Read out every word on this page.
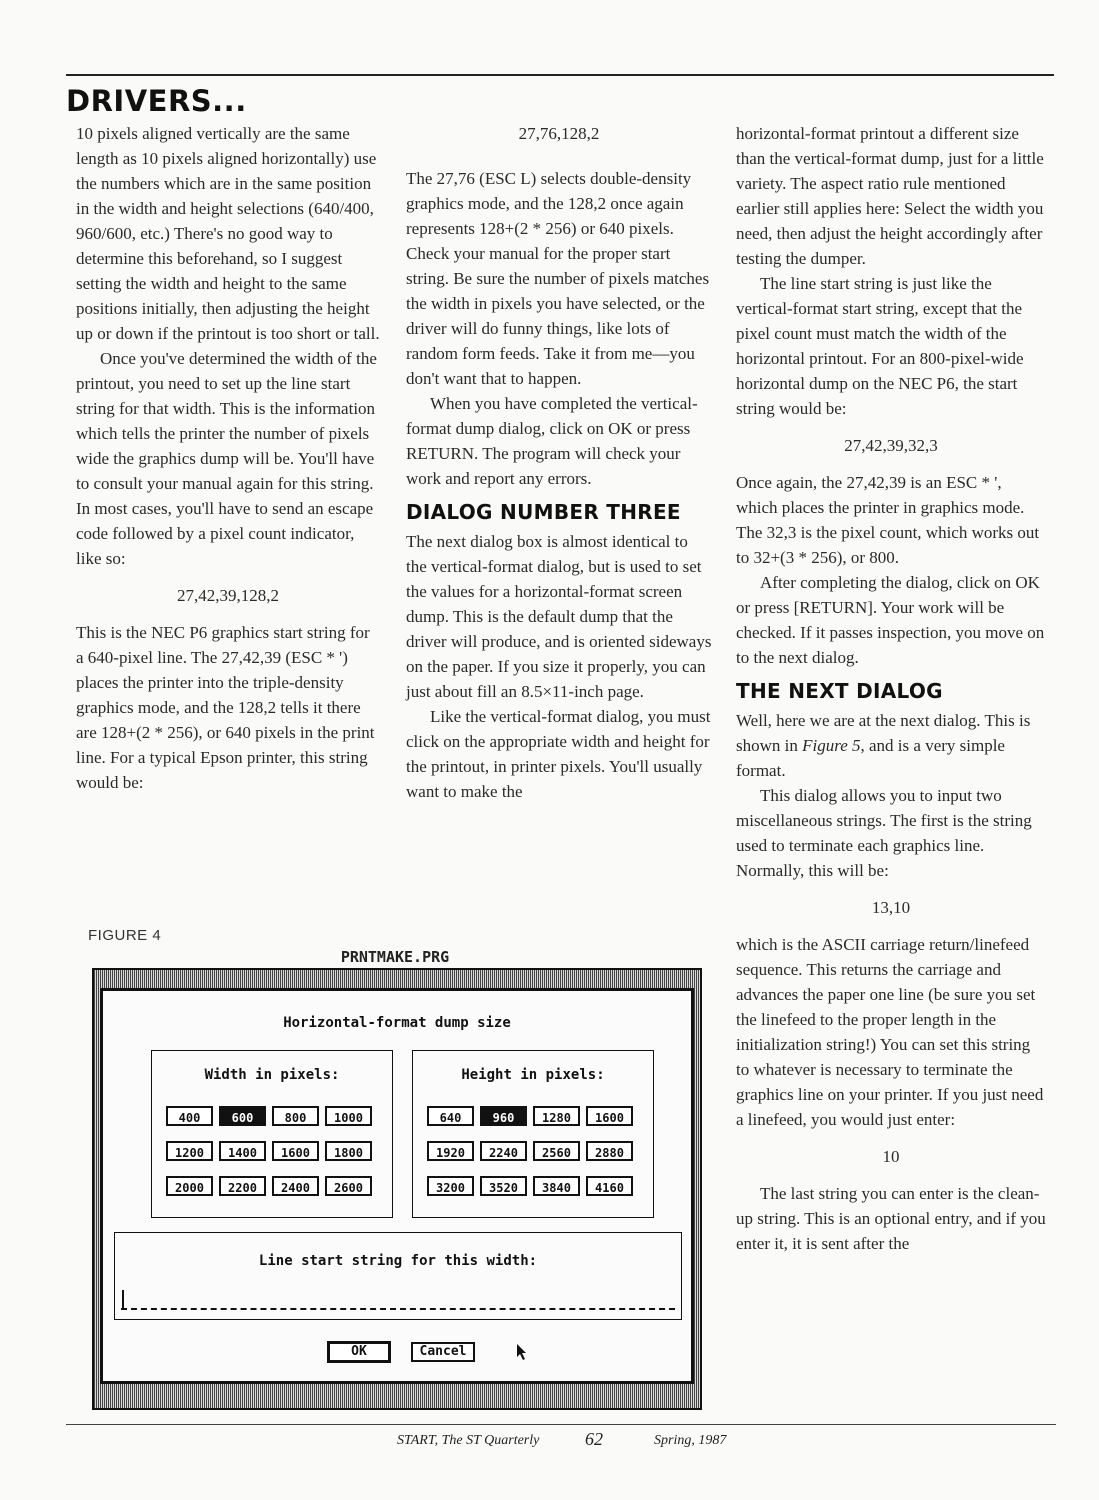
DRIVERS...

10 pixels aligned vertically are the same length as 10 pixels aligned horizontally) use the numbers which are in the same position in the width and height selections (640/400, 960/600, etc.) There's no good way to determine this beforehand, so I suggest setting the width and height to the same positions initially, then adjusting the height up or down if the printout is too short or tall.

Once you've determined the width of the printout, you need to set up the line start string for that width. This is the information which tells the printer the number of pixels wide the graphics dump will be. You'll have to consult your manual again for this string. In most cases, you'll have to send an escape code followed by a pixel count indicator, like so:

27,42,39,128,2

This is the NEC P6 graphics start string for a 640-pixel line. The 27,42,39 (ESC * ') places the printer into the triple-density graphics mode, and the 128,2 tells it there are 128+(2 * 256), or 640 pixels in the print line. For a typical Epson printer, this string would be:

27,76,128,2

The 27,76 (ESC L) selects double-density graphics mode, and the 128,2 once again represents 128+(2 * 256) or 640 pixels. Check your manual for the proper start string. Be sure the number of pixels matches the width in pixels you have selected, or the driver will do funny things, like lots of random form feeds. Take it from me—you don't want that to happen.

When you have completed the vertical-format dump dialog, click on OK or press RETURN. The program will check your work and report any errors.

DIALOG NUMBER THREE

The next dialog box is almost identical to the vertical-format dialog, but is used to set the values for a horizontal-format screen dump. This is the default dump that the driver will produce, and is oriented sideways on the paper. If you size it properly, you can just about fill an 8.5×11-inch page.

Like the vertical-format dialog, you must click on the appropriate width and height for the printout, in printer pixels. You'll usually want to make the

horizontal-format printout a different size than the vertical-format dump, just for a little variety. The aspect ratio rule mentioned earlier still applies here: Select the width you need, then adjust the height accordingly after testing the dumper.

The line start string is just like the vertical-format start string, except that the pixel count must match the width of the horizontal printout. For an 800-pixel-wide horizontal dump on the NEC P6, the start string would be:

27,42,39,32,3

Once again, the 27,42,39 is an ESC * ', which places the printer in graphics mode. The 32,3 is the pixel count, which works out to 32+(3 * 256), or 800.

After completing the dialog, click on OK or press [RETURN]. Your work will be checked. If it passes inspection, you move on to the next dialog.

THE NEXT DIALOG

Well, here we are at the next dialog. This is shown in Figure 5, and is a very simple format.

This dialog allows you to input two miscellaneous strings. The first is the string used to terminate each graphics line. Normally, this will be:

13,10

which is the ASCII carriage return/linefeed sequence. This returns the carriage and advances the paper one line (be sure you set the linefeed to the proper length in the initialization string!) You can set this string to whatever is necessary to terminate the graphics line on your printer. If you just need a linefeed, you would just enter:

10

The last string you can enter is the clean-up string. This is an optional entry, and if you enter it, it is sent after the

FIGURE 4
PRNTMAKE.PRG
Horizontal-format dump size
Width in pixels:
400	600	800	1000
1200	1400	1600	1800
2000	2200	2400	2600
Height in pixels:
640	960	1280	1600
1920	2240	2560	2880
3200	3520	3840	4160
Line start string for this width:
OK	Cancel
START, The ST Quarterly	62	Spring, 1987
